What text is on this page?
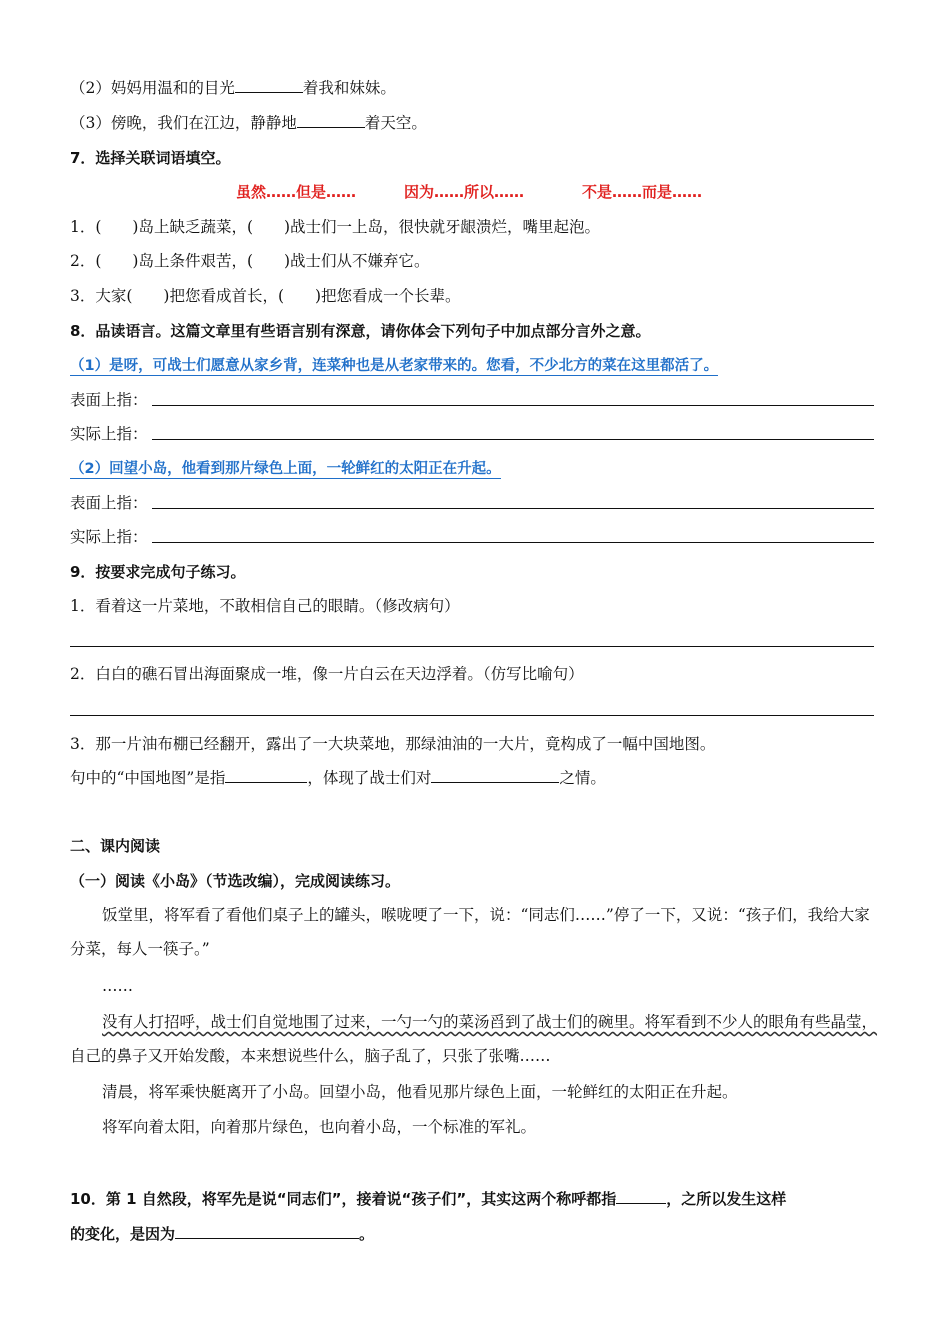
（2）妈妈用温和的目光	着我和妹妹。
（3）傍晚，我们在江边，静静地	着天空。
7．选择关联词语填空。
虽然……但是……	因为……所以……	不是……而是……
1．(　　)岛上缺乏蔬菜，(　　)战士们一上岛，很快就牙龈溃烂，嘴里起泡。
2．(　　)岛上条件艰苦，(　　)战士们从不嫌弃它。
3．大家(　　)把您看成首长，(　　)把您看成一个长辈。
8．品读语言。这篇文章里有些语言别有深意，请你体会下列句子中加点部分言外之意。
（1）是呀，可战士们愿意从家乡背，连菜种也是从老家带来的。您看，不少北方的菜在这里都活了。
表面上指：
实际上指：
（2）回望小岛，他看到那片绿色上面，一轮鲜红的太阳正在升起。
表面上指：
实际上指：
9．按要求完成句子练习。
1．看着这一片菜地，不敢相信自己的眼睛。（修改病句）
2．白白的礁石冒出海面聚成一堆，像一片白云在天边浮着。（仿写比喻句）
3．那一片油布棚已经翻开，露出了一大块菜地，那绿油油的一大片，竟构成了一幅中国地图。
句中的“中国地图”是指	，体现了战士们对	之情。
二、课内阅读
（一）阅读《小岛》（节选改编），完成阅读练习。
饭堂里，将军看了看他们桌子上的罐头，喉咙哽了一下，说：“同志们……”停了一下，又说：“孩子们，我给大家分菜，每人一筷子。”
……
没有人打招呼，战士们自觉地围了过来，一勺一勺的菜汤舀到了战士们的碗里。将军看到不少人的眼角有些晶莹，自己的鼻子又开始发酸，本来想说些什么，脑子乱了，只张了张嘴……
清晨，将军乘快艇离开了小岛。回望小岛，他看见那片绿色上面，一轮鲜红的太阳正在升起。
将军向着太阳，向着那片绿色，也向着小岛，一个标准的军礼。
10．第 1 自然段，将军先是说“同志们”，接着说“孩子们”，其实这两个称呼都指	，之所以发生这样
的变化，是因为	。
